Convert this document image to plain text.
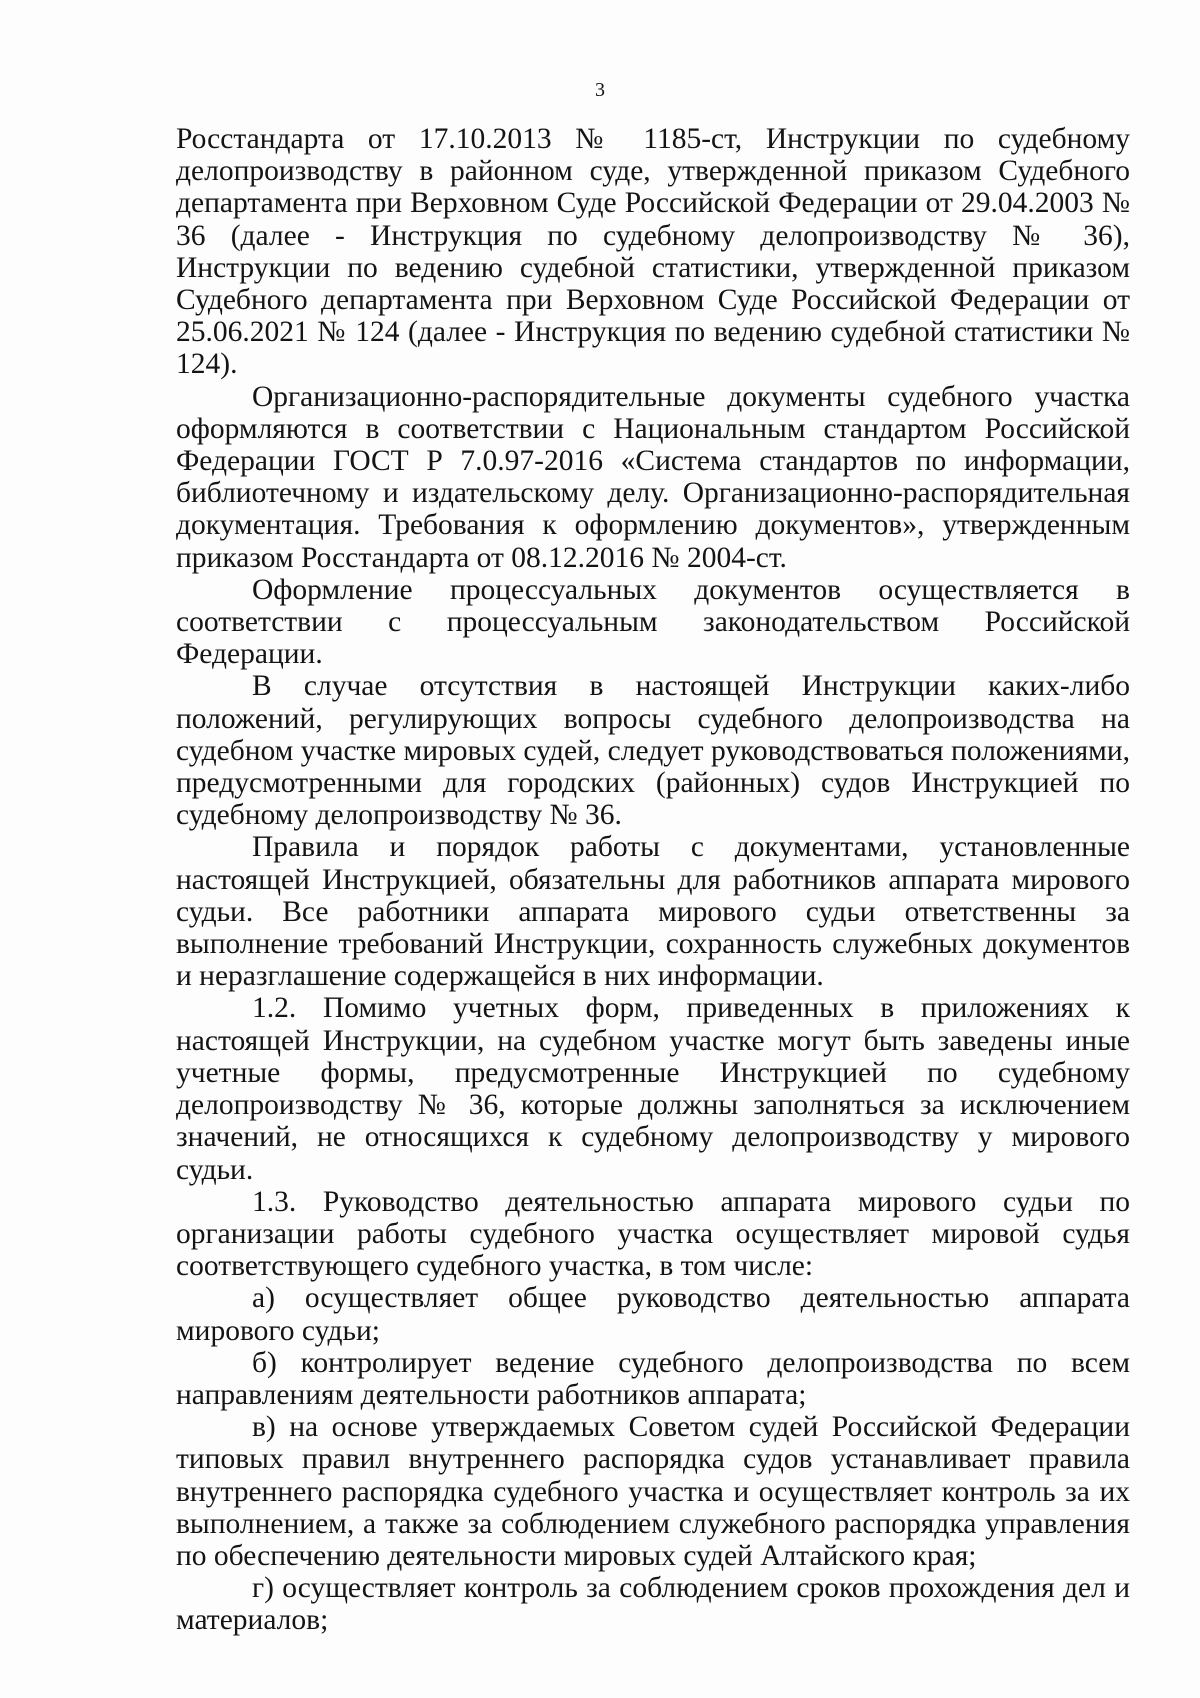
3

Росстандарта от 17.10.2013 № 1185-ст, Инструкции по судебному делопроизводству в районном суде, утвержденной приказом Судебного департамента при Верховном Суде Российской Федерации от 29.04.2003 № 36 (далее - Инструкция по судебному делопроизводству № 36), Инструкции по ведению судебной статистики, утвержденной приказом Судебного департамента при Верховном Суде Российской Федерации от 25.06.2021 № 124 (далее - Инструкция по ведению судебной статистики № 124).

Организационно-распорядительные документы судебного участка оформляются в соответствии с Национальным стандартом Российской Федерации ГОСТ Р 7.0.97-2016 «Система стандартов по информации, библиотечному и издательскому делу. Организационно-распорядительная документация. Требования к оформлению документов», утвержденным приказом Росстандарта от 08.12.2016 № 2004-ст.

Оформление процессуальных документов осуществляется в соответствии с процессуальным законодательством Российской Федерации.

В случае отсутствия в настоящей Инструкции каких-либо положений, регулирующих вопросы судебного делопроизводства на судебном участке мировых судей, следует руководствоваться положениями, предусмотренными для городских (районных) судов Инструкцией по судебному делопроизводству № 36.

Правила и порядок работы с документами, установленные настоящей Инструкцией, обязательны для работников аппарата мирового судьи. Все работники аппарата мирового судьи ответственны за выполнение требований Инструкции, сохранность служебных документов и неразглашение содержащейся в них информации.

1.2. Помимо учетных форм, приведенных в приложениях к настоящей Инструкции, на судебном участке могут быть заведены иные учетные формы, предусмотренные Инструкцией по судебному делопроизводству № 36, которые должны заполняться за исключением значений, не относящихся к судебному делопроизводству у мирового судьи.

1.3. Руководство деятельностью аппарата мирового судьи по организации работы судебного участка осуществляет мировой судья соответствующего судебного участка, в том числе:

а) осуществляет общее руководство деятельностью аппарата мирового судьи;

б) контролирует ведение судебного делопроизводства по всем направлениям деятельности работников аппарата;

в) на основе утверждаемых Советом судей Российской Федерации типовых правил внутреннего распорядка судов устанавливает правила внутреннего распорядка судебного участка и осуществляет контроль за их выполнением, а также за соблюдением служебного распорядка управления по обеспечению деятельности мировых судей Алтайского края;

г) осуществляет контроль за соблюдением сроков прохождения дел и материалов;
